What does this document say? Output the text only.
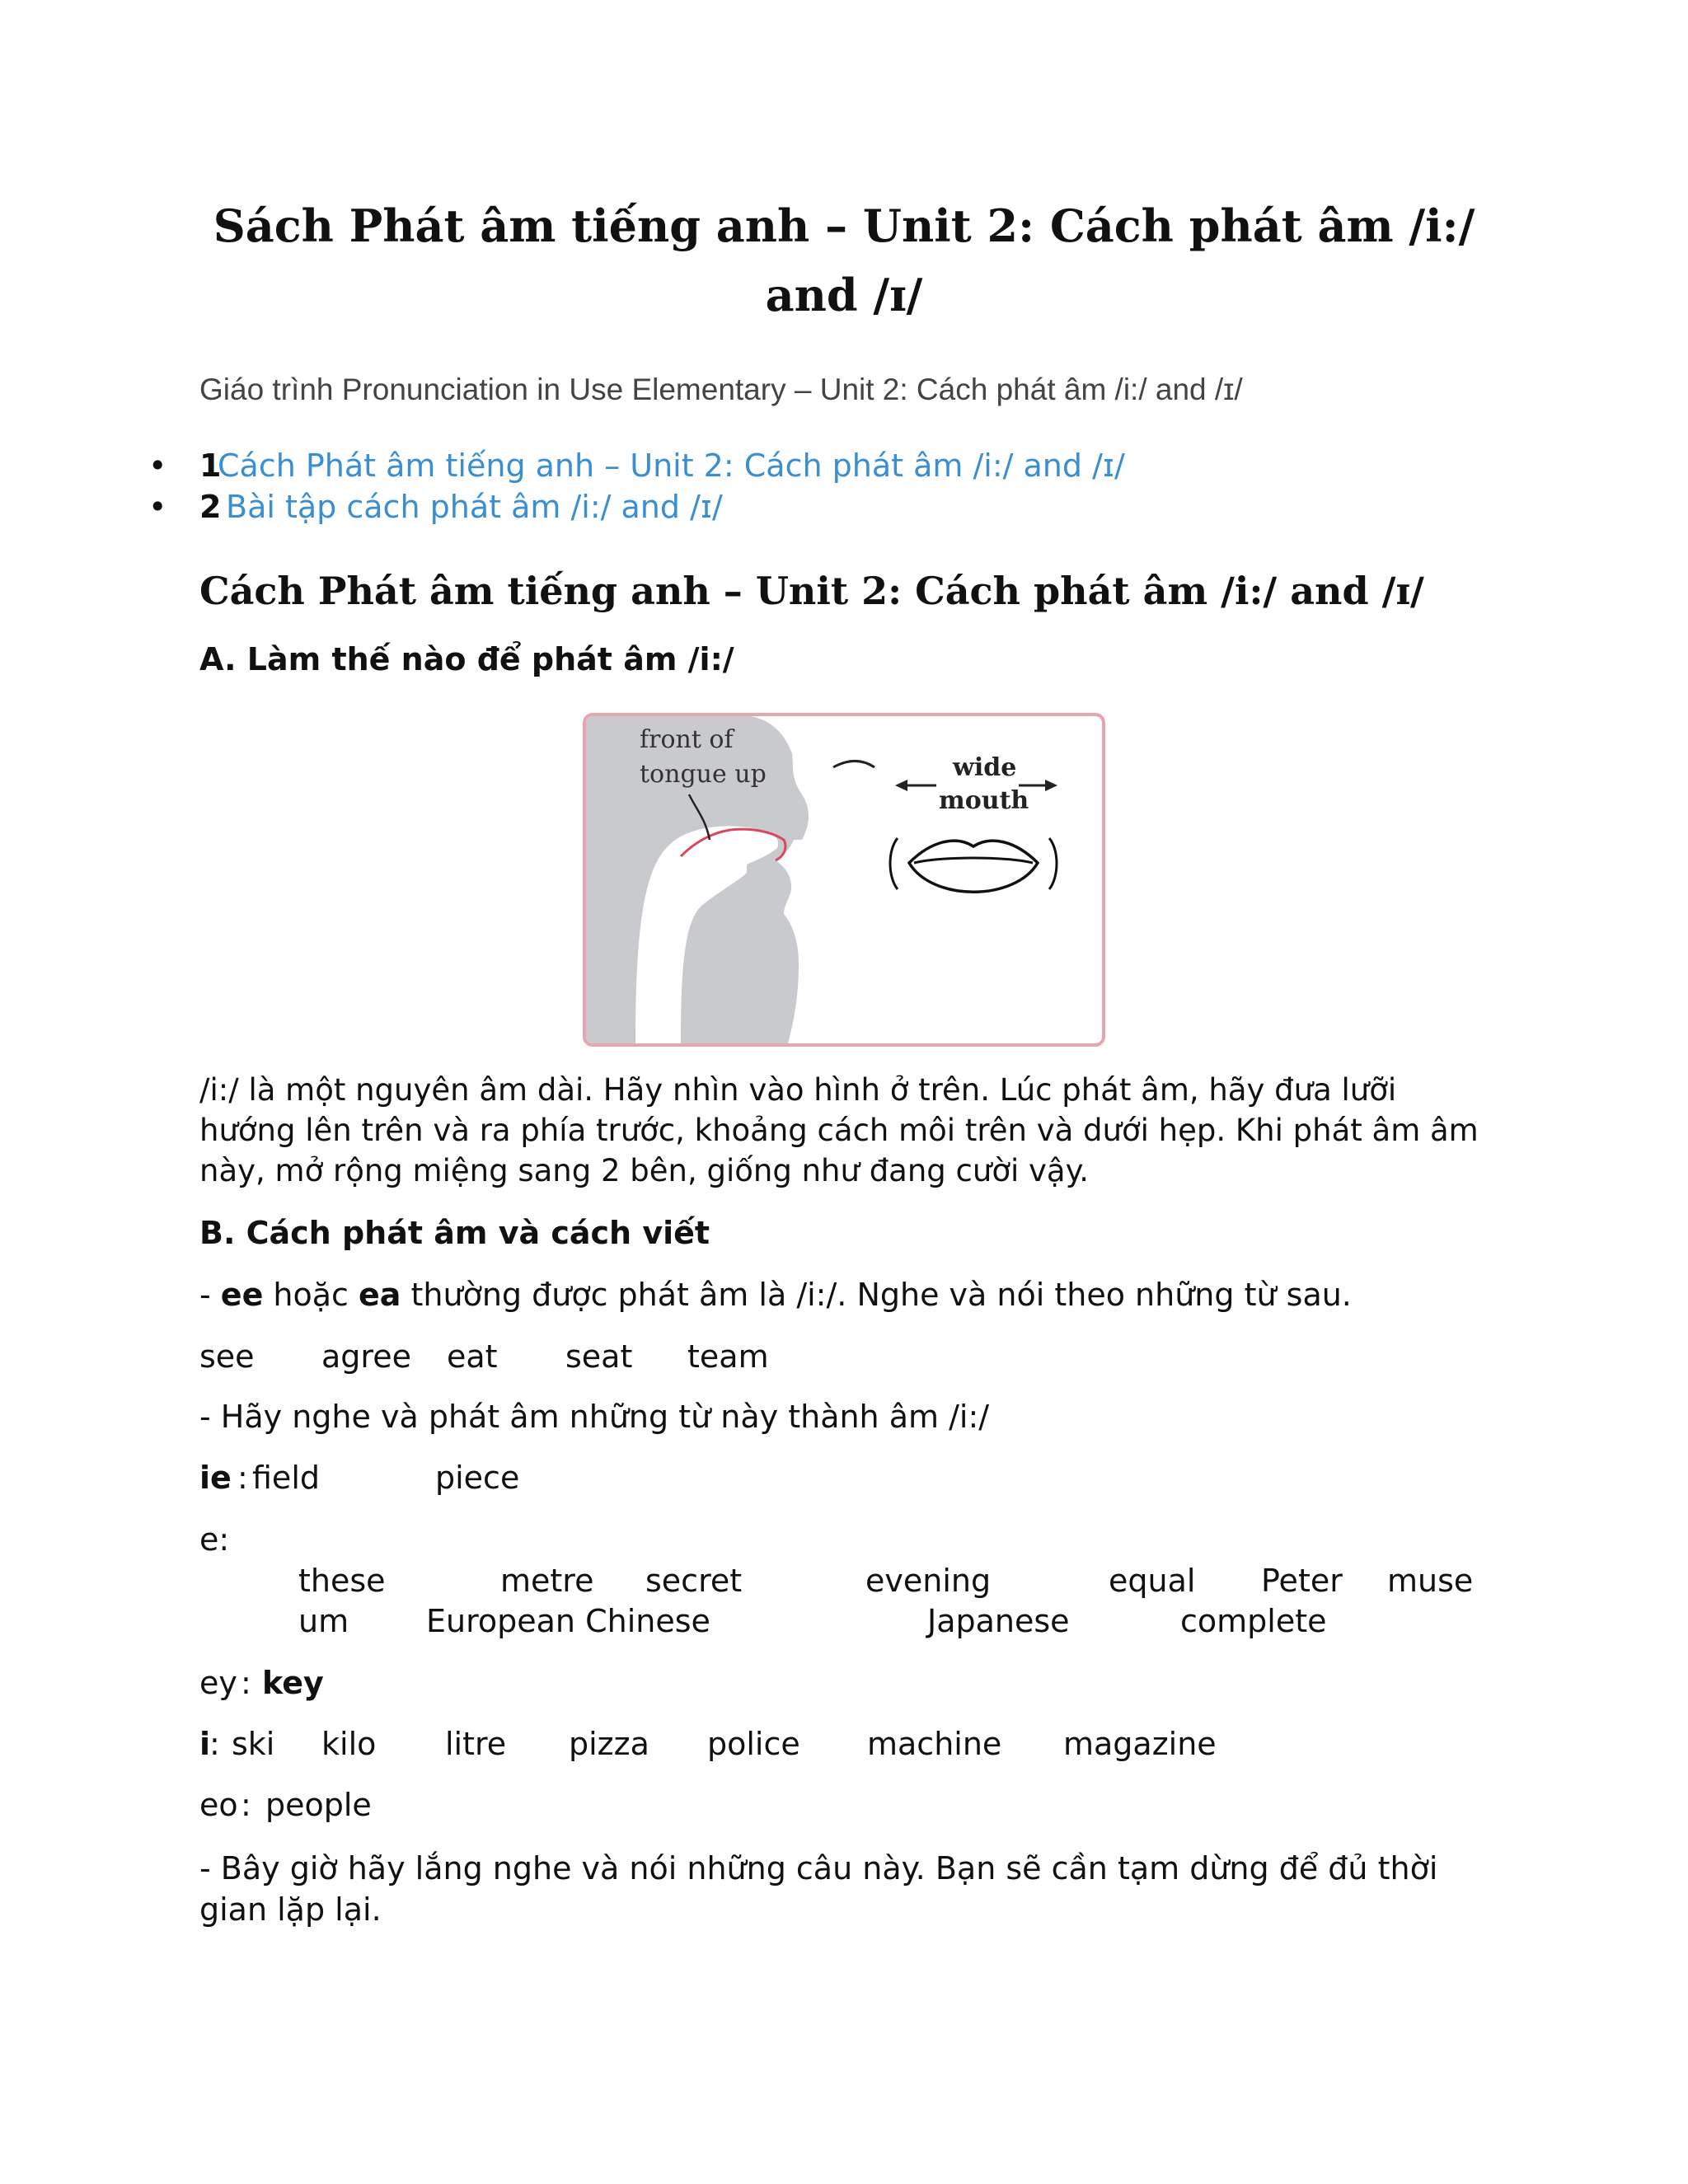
Sách Phát âm tiếng anh – Unit 2: Cách phát âm /i:/ and /ɪ/

Giáo trình Pronunciation in Use Elementary – Unit 2: Cách phát âm /i:/ and /ɪ/

• 1
Cách Phát âm tiếng anh – Unit 2: Cách phát âm /i:/ and /ɪ/
• 2 Bài tập cách phát âm /i:/ and /ɪ/
Cách Phát âm tiếng anh – Unit 2: Cách phát âm /i:/ and /ɪ/
A. Làm thế nào để phát âm /i:/
front of
tongue up	wide
mouth

/i:/ là một nguyên âm dài. Hãy nhìn vào hình ở trên. Lúc phát âm, hãy đưa lưỡi hướng lên trên và ra phía trước, khoảng cách môi trên và dưới hẹp. Khi phát âm âm này, mở rộng miệng sang 2 bên, giống như đang cười vậy.

B. Cách phát âm và cách viết

- ee hoặc ea thường được phát âm là /i:/. Nghe và nói theo những từ sau.

see agree eat seat team

- Hãy nghe và phát âm những từ này thành âm /i:/

ie : field	piece
e:
these	metre secret	evening	equal Peter muse
um European Chinese	Japanese	complete
ey : key
i
: ski kilo litre pizza police machine magazine
eo : people

- Bây giờ hãy lắng nghe và nói những câu này. Bạn sẽ cần tạm dừng để đủ thời gian lặp lại.
